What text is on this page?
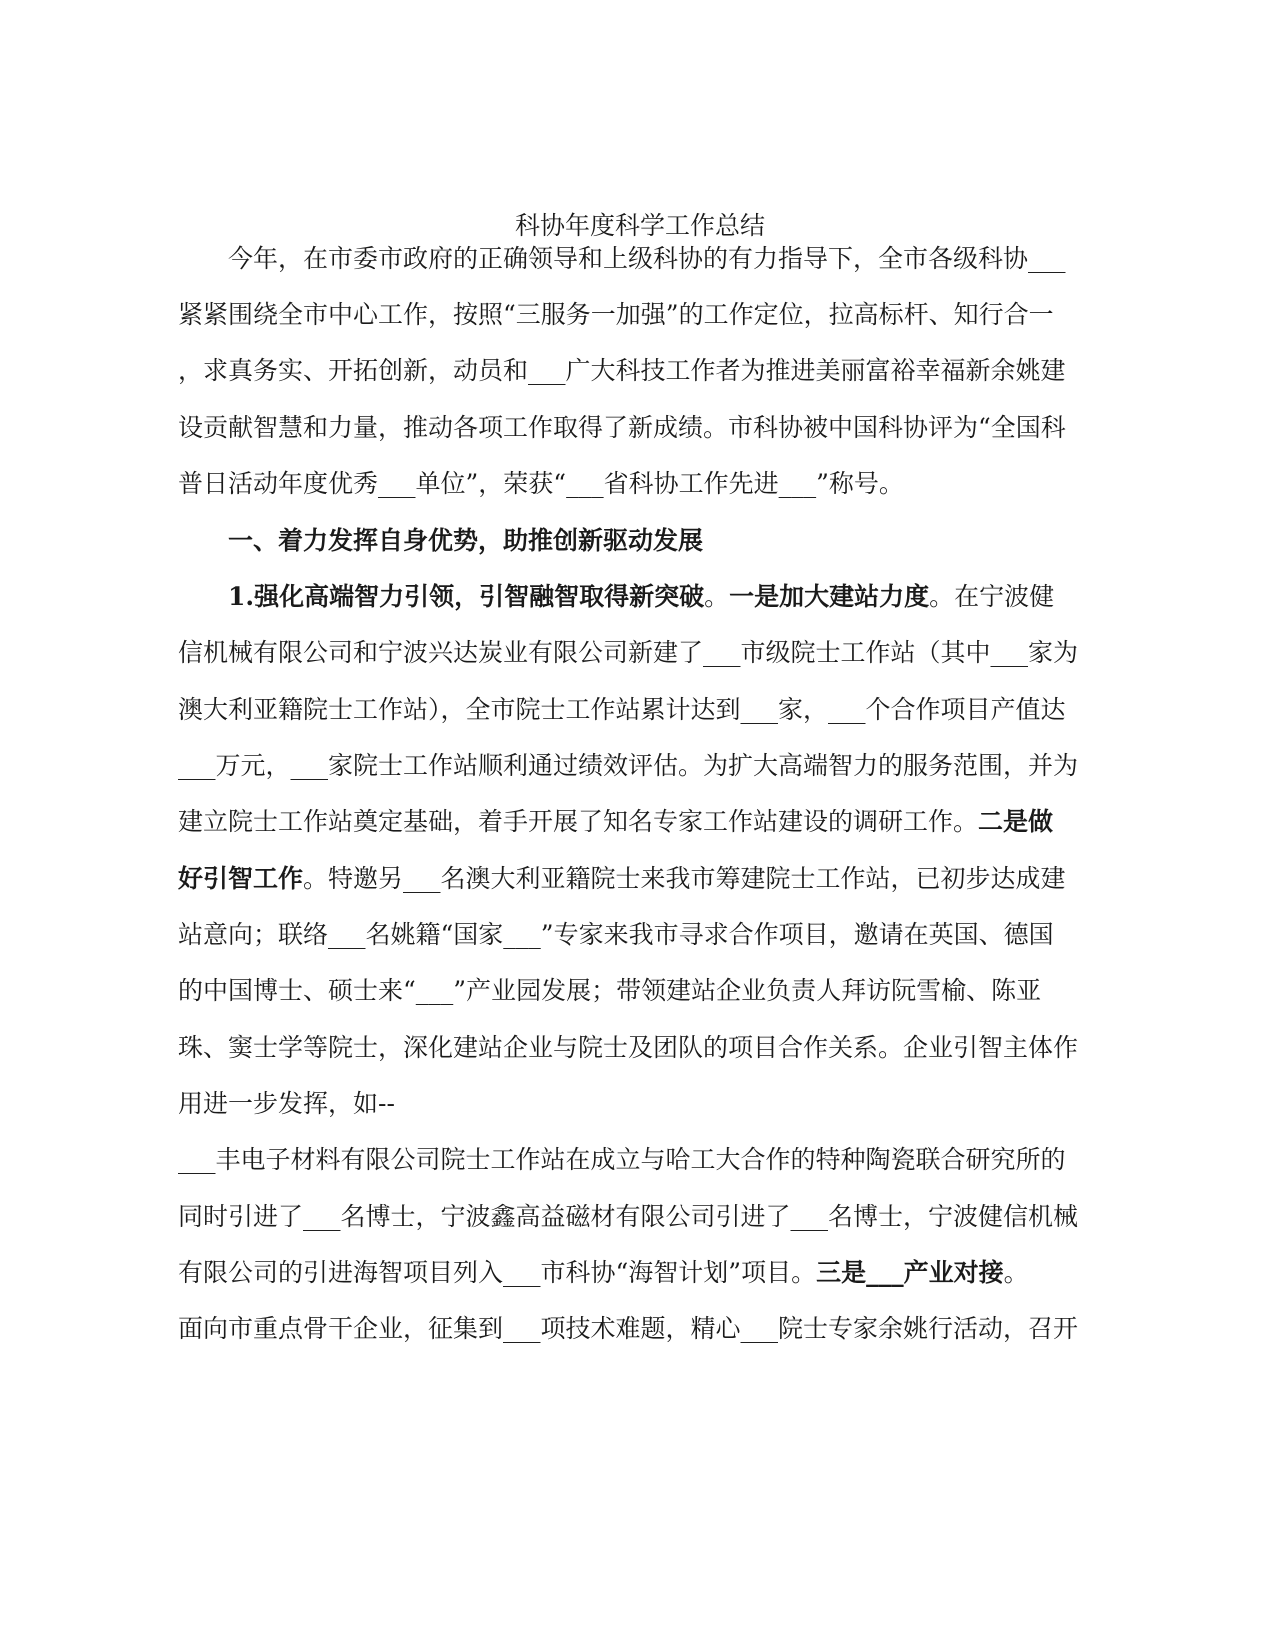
科协年度科学工作总结
今年，在市委市政府的正确领导和上级科协的有力指导下，全市各级科协___
紧紧围绕全市中心工作，按照“三服务一加强”的工作定位，拉高标杆、知行合一
，求真务实、开拓创新，动员和___广大科技工作者为推进美丽富裕幸福新余姚建
设贡献智慧和力量，推动各项工作取得了新成绩。市科协被中国科协评为“全国科
普日活动年度优秀___单位”，荣获“___省科协工作先进___”称号。
一、着力发挥自身优势，助推创新驱动发展
1.强化高端智力引领，引智融智取得新突破。一是加大建站力度。在宁波健
信机械有限公司和宁波兴达炭业有限公司新建了___市级院士工作站（其中___家为
澳大利亚籍院士工作站），全市院士工作站累计达到___家，___个合作项目产值达
___万元，___家院士工作站顺利通过绩效评估。为扩大高端智力的服务范围，并为
建立院士工作站奠定基础，着手开展了知名专家工作站建设的调研工作。二是做
好引智工作。特邀另___名澳大利亚籍院士来我市筹建院士工作站，已初步达成建
站意向；联络___名姚籍“国家___”专家来我市寻求合作项目，邀请在英国、德国
的中国博士、硕士来“___”产业园发展；带领建站企业负责人拜访阮雪榆、陈亚
珠、窦士学等院士，深化建站企业与院士及团队的项目合作关系。企业引智主体作
用进一步发挥，如--
___丰电子材料有限公司院士工作站在成立与哈工大合作的特种陶瓷联合研究所的
同时引进了___名博士，宁波鑫高益磁材有限公司引进了___名博士，宁波健信机械
有限公司的引进海智项目列入___市科协“海智计划”项目。三是___产业对接。
面向市重点骨干企业，征集到___项技术难题，精心___院士专家余姚行活动，召开
